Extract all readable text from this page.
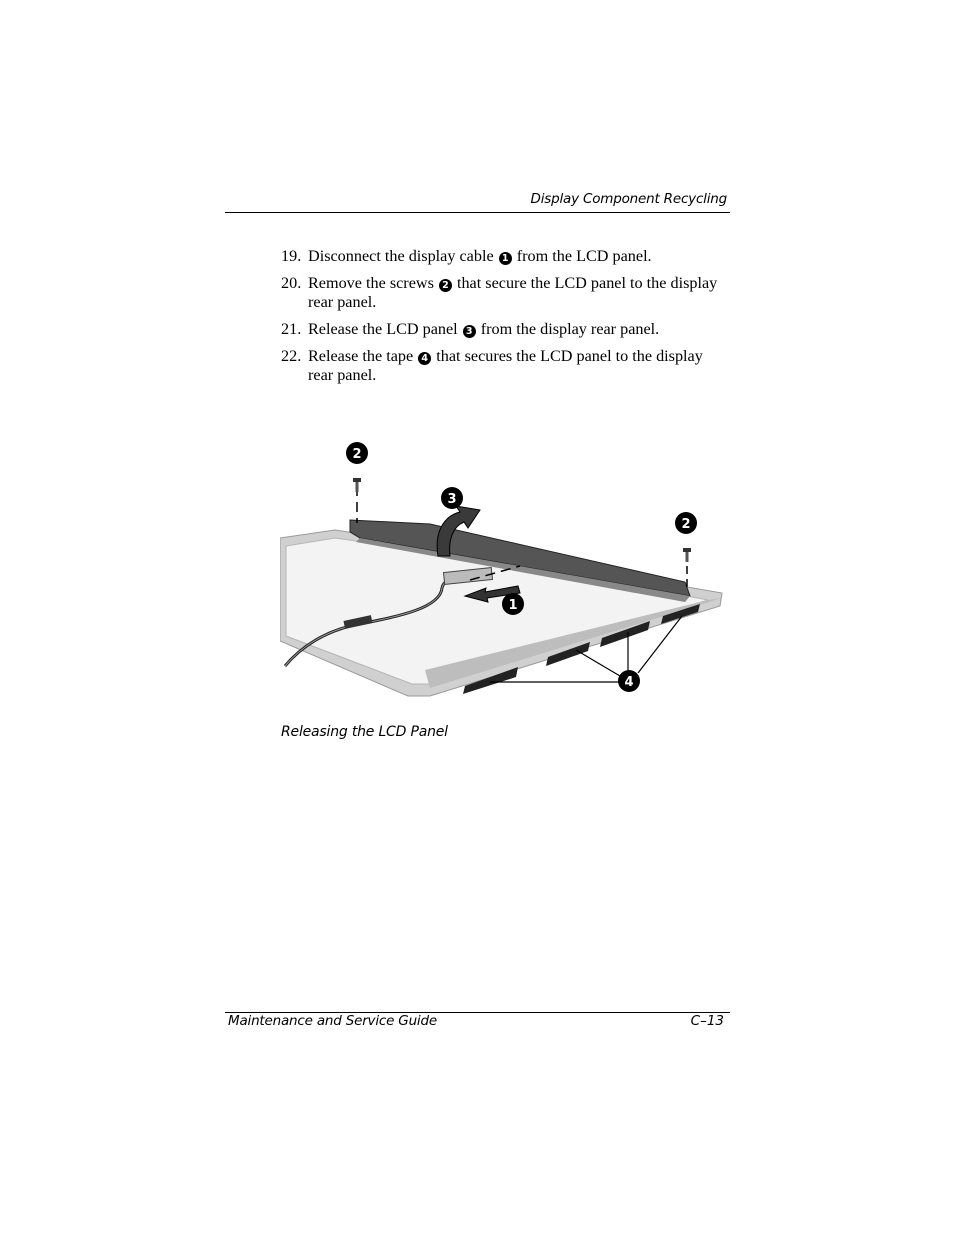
Display Component Recycling
19. Disconnect the display cable 1 from the LCD panel.
20. Remove the screws 2 that secure the LCD panel to the display rear panel.
21. Release the LCD panel 3 from the display rear panel.
22. Release the tape 4 that secures the LCD panel to the display rear panel.
2
3
2
1
4
Releasing the LCD Panel
Maintenance and Service Guide	C–13
